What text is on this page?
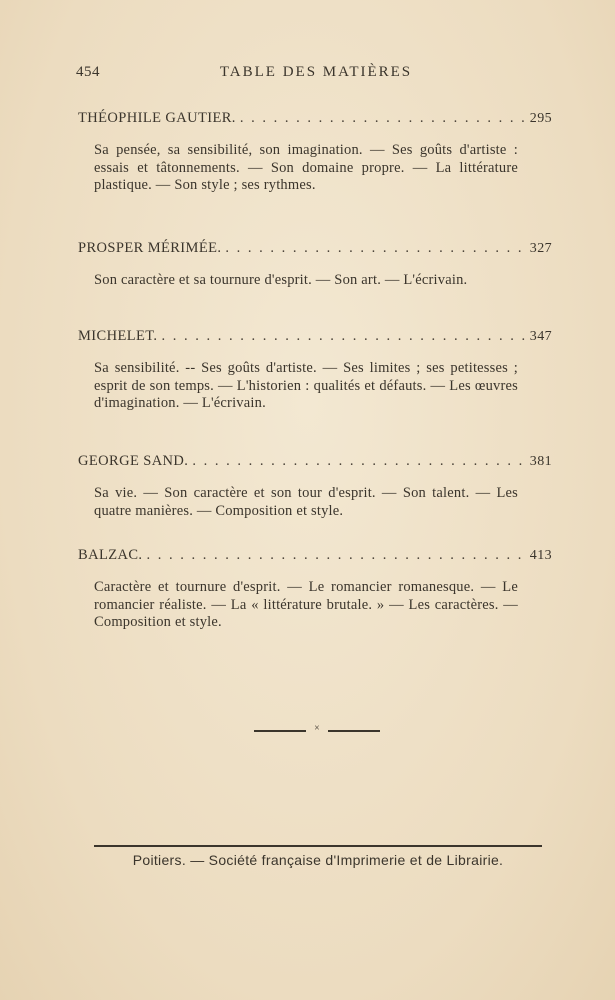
454	TABLE DES MATIÈRES
THÉOPHILE GAUTIER. . . .	295
Sa pensée, sa sensibilité, son imagination. — Ses goûts d'artiste : essais et tâtonnements. — Son domaine propre. — La littérature plastique. — Son style ; ses rythmes.
PROSPER MÉRIMÉE. . . .	327
Son caractère et sa tournure d'esprit. — Son art. — L'écrivain.
MICHELET. . . .	347
Sa sensibilité. -- Ses goûts d'artiste. — Ses limites ; ses petitesses ; esprit de son temps. — L'historien : qualités et défauts. — Les œuvres d'imagination. — L'écrivain.
GEORGE SAND. . . .	381
Sa vie. — Son caractère et son tour d'esprit. — Son talent. — Les quatre manières. — Composition et style.
BALZAC. . . .	413
Caractère et tournure d'esprit. — Le romancier romanesque. — Le romancier réaliste. — La « littérature brutale. » — Les caractères. — Composition et style.
×
Poitiers. — Société française d'Imprimerie et de Librairie.
